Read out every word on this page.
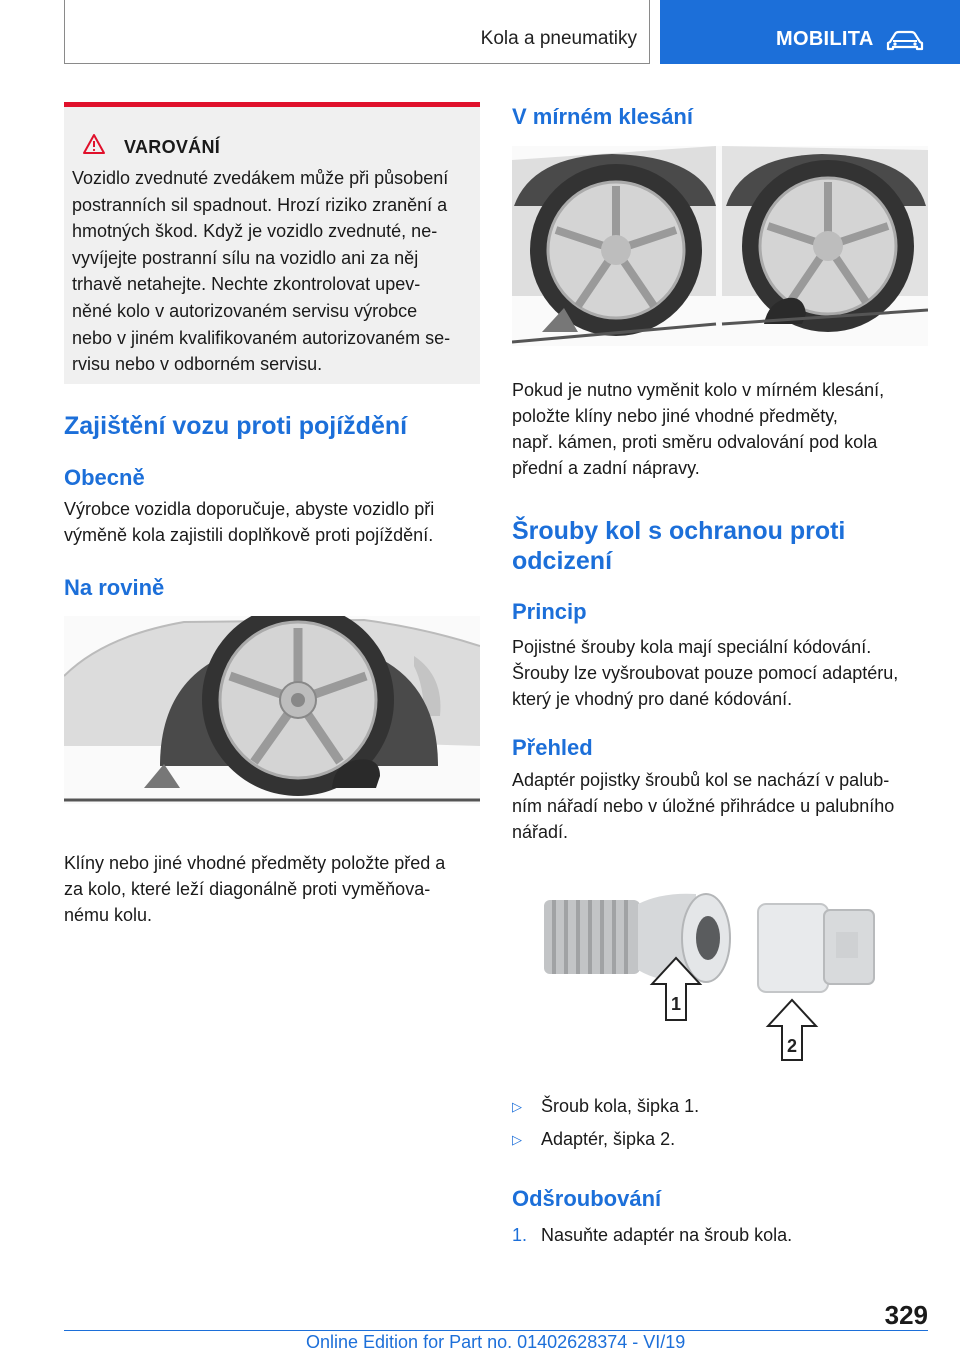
Kola a pneumatiky	MOBILITA
VAROVÁNÍ
Vozidlo zvednuté zvedákem může při působení
postranních sil spadnout. Hrozí riziko zranění a
hmotných škod. Když je vozidlo zvednuté, ne‐
vyvíjejte postranní sílu na vozidlo ani za něj
trhavě netahejte. Nechte zkontrolovat upev‐
něné kolo v autorizovaném servisu výrobce
nebo v jiném kvalifikovaném autorizovaném se‐
rvisu nebo v odborném servisu.
Zajištění vozu proti pojíždění
Obecně
Výrobce vozidla doporučuje, abyste vozidlo při
výměně kola zajistili doplňkově proti pojíždění.
Na rovině
Klíny nebo jiné vhodné předměty položte před a
za kolo, které leží diagonálně proti vyměňova‐
nému kolu.
V mírném klesání
Pokud je nutno vyměnit kolo v mírném klesání,
položte klíny nebo jiné vhodné předměty,
např. kámen, proti směru odvalování pod kola
přední a zadní nápravy.
Šrouby kol s ochranou proti
odcizení
Princip
Pojistné šrouby kola mají speciální kódování.
Šrouby lze vyšroubovat pouze pomocí adaptéru,
který je vhodný pro dané kódování.
Přehled
Adaptér pojistky šroubů kol se nachází v palub‐
ním nářadí nebo v úložné přihrádce u palubního
nářadí.
1
2
▷ Šroub kola, šipka 1.
▷ Adaptér, šipka 2.
Odšroubování
1. Nasuňte adaptér na šroub kola.
329
Online Edition for Part no. 01402628374 - VI/19
